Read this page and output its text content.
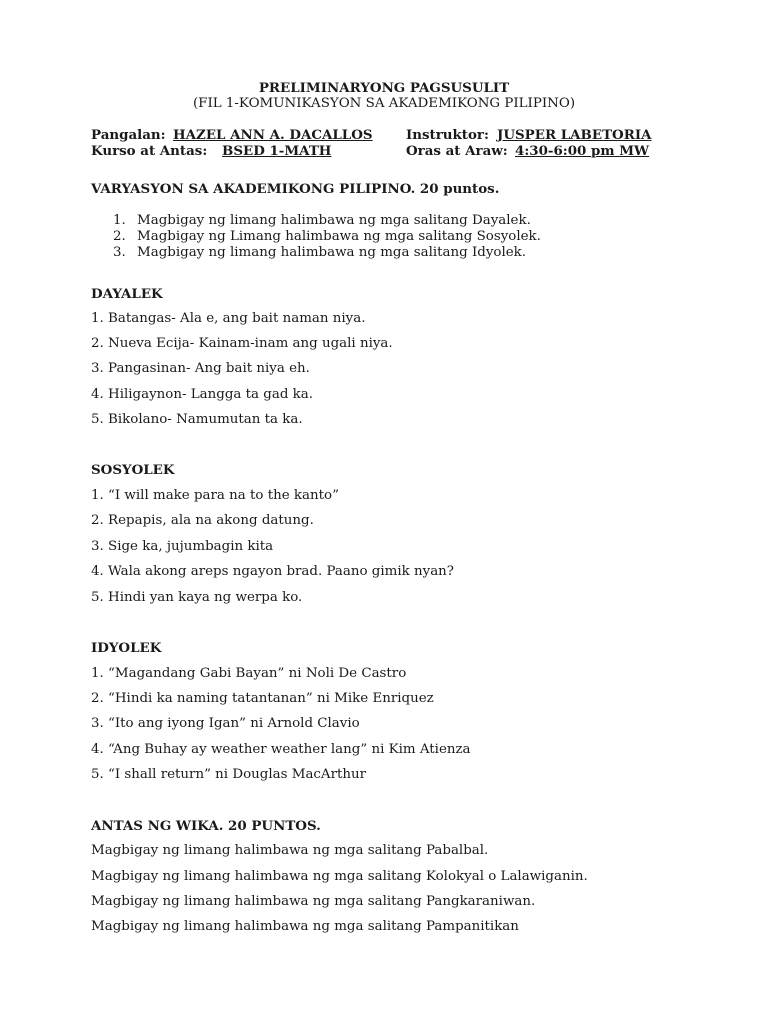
PRELIMINARYONG PAGSUSULIT
(FIL 1-KOMUNIKASYON SA AKADEMIKONG PILIPINO)
Pangalan: HAZEL ANN A. DACALLOS Instruktor: JUSPER LABETORIA
Kurso at Antas: BSED 1-MATH	Oras at Araw: 4:30-6:00 pm MW
VARYASYON SA AKADEMIKONG PILIPINO. 20 puntos.
1. Magbigay ng limang halimbawa ng mga salitang Dayalek.
2. Magbigay ng Limang halimbawa ng mga salitang Sosyolek.
3. Magbigay ng limang halimbawa ng mga salitang Idyolek.
DAYALEK
1. Batangas- Ala e, ang bait naman niya.
2. Nueva Ecija- Kainam-inam ang ugali niya.
3. Pangasinan- Ang bait niya eh.
4. Hiligaynon- Langga ta gad ka.
5. Bikolano- Namumutan ta ka.
SOSYOLEK
1. “I will make para na to the kanto”
2. Repapis, ala na akong datung.
3. Sige ka, jujumbagin kita
4. Wala akong areps ngayon brad. Paano gimik nyan?
5. Hindi yan kaya ng werpa ko.
IDYOLEK
1. “Magandang Gabi Bayan” ni Noli De Castro
2. “Hindi ka naming tatantanan” ni Mike Enriquez
3. “Ito ang iyong Igan” ni Arnold Clavio
4. “Ang Buhay ay weather weather lang” ni Kim Atienza
5. “I shall return” ni Douglas MacArthur
ANTAS NG WIKA. 20 PUNTOS.
Magbigay ng limang halimbawa ng mga salitang Pabalbal.
Magbigay ng limang halimbawa ng mga salitang Kolokyal o Lalawiganin.
Magbigay ng limang halimbawa ng mga salitang Pangkaraniwan.
Magbigay ng limang halimbawa ng mga salitang Pampanitikan
